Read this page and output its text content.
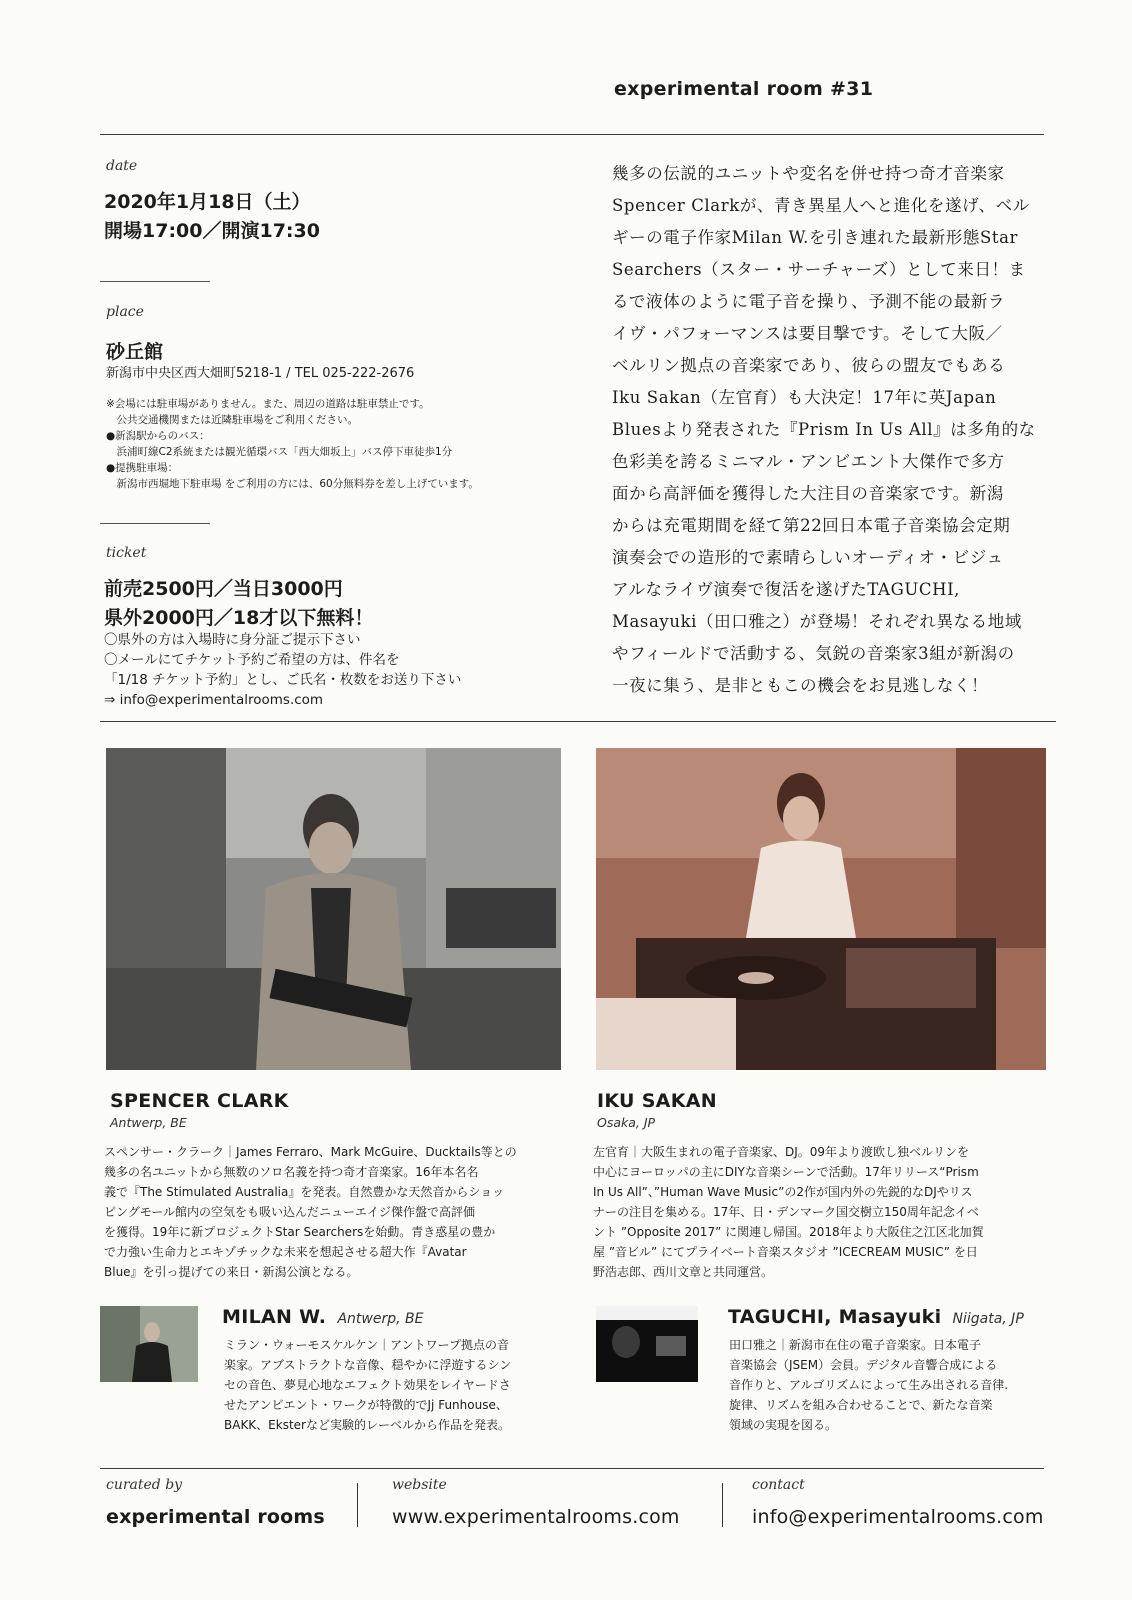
experimental room #31
date
2020年1月18日（土）
開場17:00／開演17:30
place
砂丘館
新潟市中央区西大畑町5218-1 / TEL 025-222-2676
※会場には駐車場がありません。また、周辺の道路は駐車禁止です。
　公共交通機関または近隣駐車場をご利用ください。
●新潟駅からのバス：
　浜浦町線C2系統または観光循環バス「西大畑坂上」バス停下車徒歩1分
●提携駐車場：
　新潟市西堀地下駐車場 をご利用の方には、60分無料券を差し上げています。
ticket
前売2500円／当日3000円
県外2000円／18才以下無料！
〇県外の方は入場時に身分証ご提示下さい
〇メールにてチケット予約ご希望の方は、件名を
「1/18 チケット予約」とし、ご氏名・枚数をお送り下さい
⇒ info@experimentalrooms.com
幾多の伝説的ユニットや変名を併せ持つ奇才音楽家
Spencer Clarkが、青き異星人へと進化を遂げ、ベル
ギーの電子作家Milan W.を引き連れた最新形態Star
Searchers（スター・サーチャーズ）として来日！ま
るで液体のように電子音を操り、予測不能の最新ラ
イヴ・パフォーマンスは要目撃です。そして大阪／
ベルリン拠点の音楽家であり、彼らの盟友でもある
Iku Sakan（左官育）も大決定！17年に英Japan
Bluesより発表された『Prism In Us All』は多角的な
色彩美を誇るミニマル・アンビエント大傑作で多方
面から高評価を獲得した大注目の音楽家です。新潟
からは充電期間を経て第22回日本電子音楽協会定期
演奏会での造形的で素晴らしいオーディオ・ビジュ
アルなライヴ演奏で復活を遂げたTAGUCHI,
Masayuki（田口雅之）が登場！それぞれ異なる地域
やフィールドで活動する、気鋭の音楽家3組が新潟の
一夜に集う、是非ともこの機会をお見逃しなく！
SPENCER CLARK
Antwerp, BE
スペンサー・クラーク｜James Ferraro、Mark McGuire、Ducktails等との
幾多の名ユニットから無数のソロ名義を持つ奇才音楽家。16年本名名
義で『The Stimulated Australia』を発表。自然豊かな天然音からショッ
ピングモール館内の空気をも吸い込んだニューエイジ傑作盤で高評価
を獲得。19年に新プロジェクトStar Searchersを始動。青き惑星の豊か
で力強い生命力とエキゾチックな未来を想起させる超大作『Avatar
Blue』を引っ提げての来日・新潟公演となる。
IKU SAKAN
Osaka, JP
左官育｜大阪生まれの電子音楽家、DJ。09年より渡欧し独ベルリンを
中心にヨーロッパの主にDIYな音楽シーンで活動。17年リリース“Prism
In Us All”、”Human Wave Music”の2作が国内外の先鋭的なDJやリス
ナーの注目を集める。17年、日・デンマーク国交樹立150周年記念イベ
ント ”Opposite 2017” に関連し帰国。2018年より大阪住之江区北加賀
屋 ”音ビル” にてプライベート音楽スタジオ ”ICECREAM MUSIC” を日
野浩志郎、西川文章と共同運営。
MILAN W. Antwerp, BE
ミラン・ウォーモスケルケン｜アントワープ拠点の音
楽家。アブストラクトな音像、穏やかに浮遊するシン
セの音色、夢見心地なエフェクト効果をレイヤードさ
せたアンビエント・ワークが特徴的でJj Funhouse、
BAKK、Eksterなど実験的レーベルから作品を発表。
TAGUCHI, Masayuki Niigata, JP
田口雅之｜新潟市在住の電子音楽家。日本電子
音楽協会（JSEM）会員。デジタル音響合成による
音作りと、アルゴリズムによって生み出される音律.
旋律、リズムを組み合わせることで、新たな音楽
領域の実現を図る。
curated by
experimental rooms
website
www.experimentalrooms.com
contact
info@experimentalrooms.com
